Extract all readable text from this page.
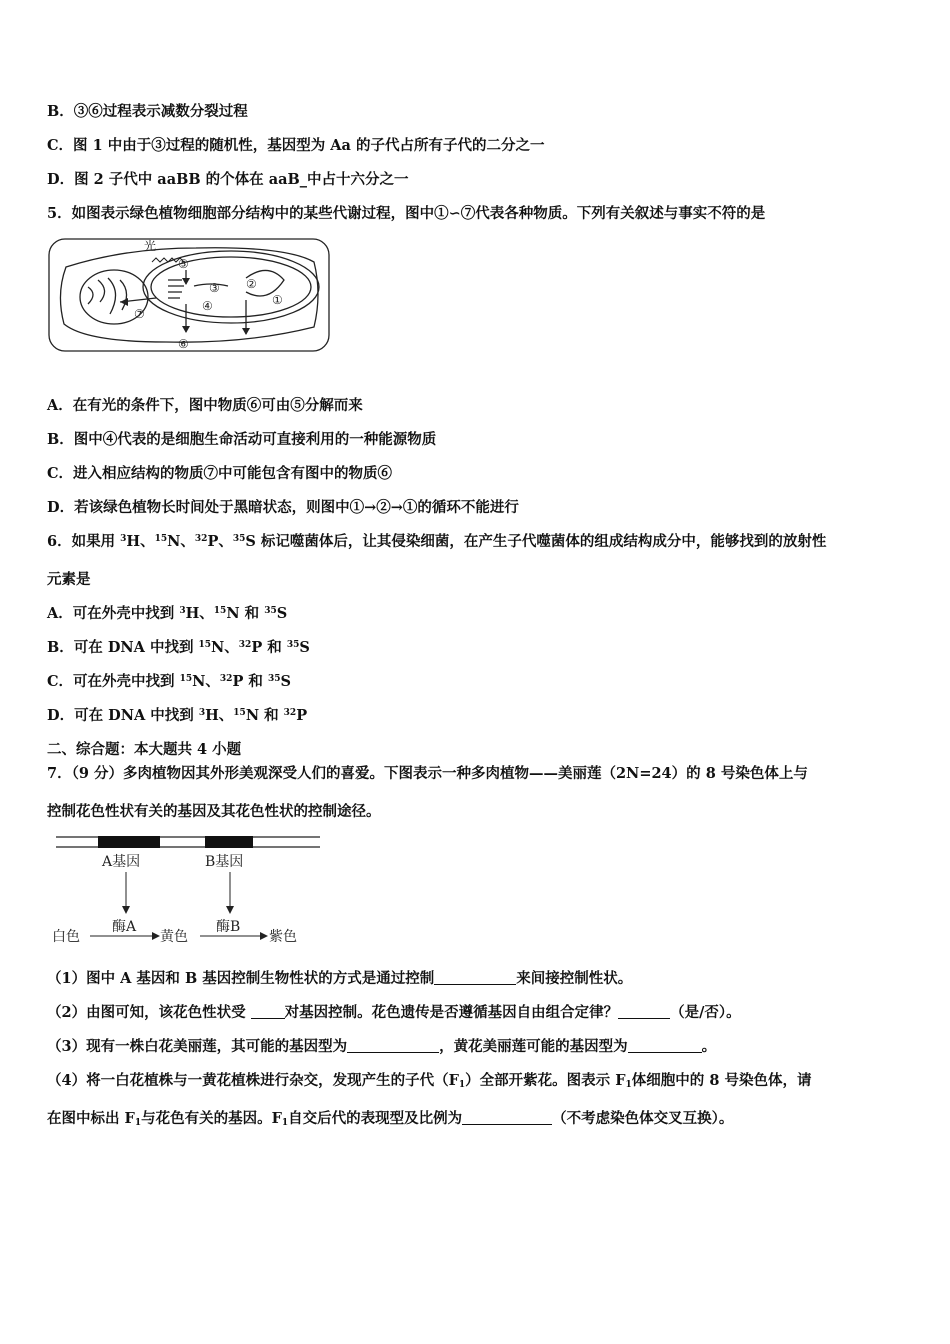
B．③⑥过程表示减数分裂过程
C．图 1 中由于③过程的随机性，基因型为 Aa 的子代占所有子代的二分之一
D．图 2 子代中 aaBB 的个体在 aaB_中占十六分之一
5．如图表示绿色植物细胞部分结构中的某些代谢过程，图中①∽⑦代表各种物质。下列有关叙述与事实不符的是
光
⑤
③
④
②
①
⑦
⑥
A．在有光的条件下，图中物质⑥可由⑤分解而来
B．图中④代表的是细胞生命活动可直接利用的一种能源物质
C．进入相应结构的物质⑦中可能包含有图中的物质⑥
D．若该绿色植物长时间处于黑暗状态，则图中①→②→①的循环不能进行
6．如果用 $^3$H、$^{15}$N、$^{32}$P、$^{35}$S 标记噬菌体后，让其侵染细菌，在产生子代噬菌体的组成结构成分中，能够找到的放射性
元素是
A．可在外壳中找到 $^3$H、$^{15}$N 和 $^{35}$S
B．可在 DNA 中找到 $^{15}$N、$^{32}$P 和 $^{35}$S
C．可在外壳中找到 $^{15}$N、$^{32}$P 和 $^{35}$S
D．可在 DNA 中找到 $^3$H、$^{15}$N 和 $^{32}$P
二、综合题：本大题共 4 小题
7．（9 分）多肉植物因其外形美观深受人们的喜爱。下图表示一种多肉植物——美丽莲（2N=24）的 8 号染色体上与
控制花色性状有关的基因及其花色性状的控制途径。
A基因	B基因
酶A	酶B
白色	黄色	紫色
（1）图中 A 基因和 B 基因控制生物性状的方式是通过控制	来间接控制性状。
（2）由图可知，该花色性状受 对基因控制。花色遗传是否遵循基因自由组合定律？	（是/否）。
（3）现有一株白花美丽莲，其可能的基因型为	，黄花美丽莲可能的基因型为	。
（4）将一白花植株与一黄花植株进行杂交，发现产生的子代$(F_1)$全部开紫花。图表示 $F_1$体细胞中的 8 号染色体，请
在图中标出 $F_1$与花色有关的基因。$F_1$自交后代的表现型及比例为	（不考虑染色体交叉互换）。
